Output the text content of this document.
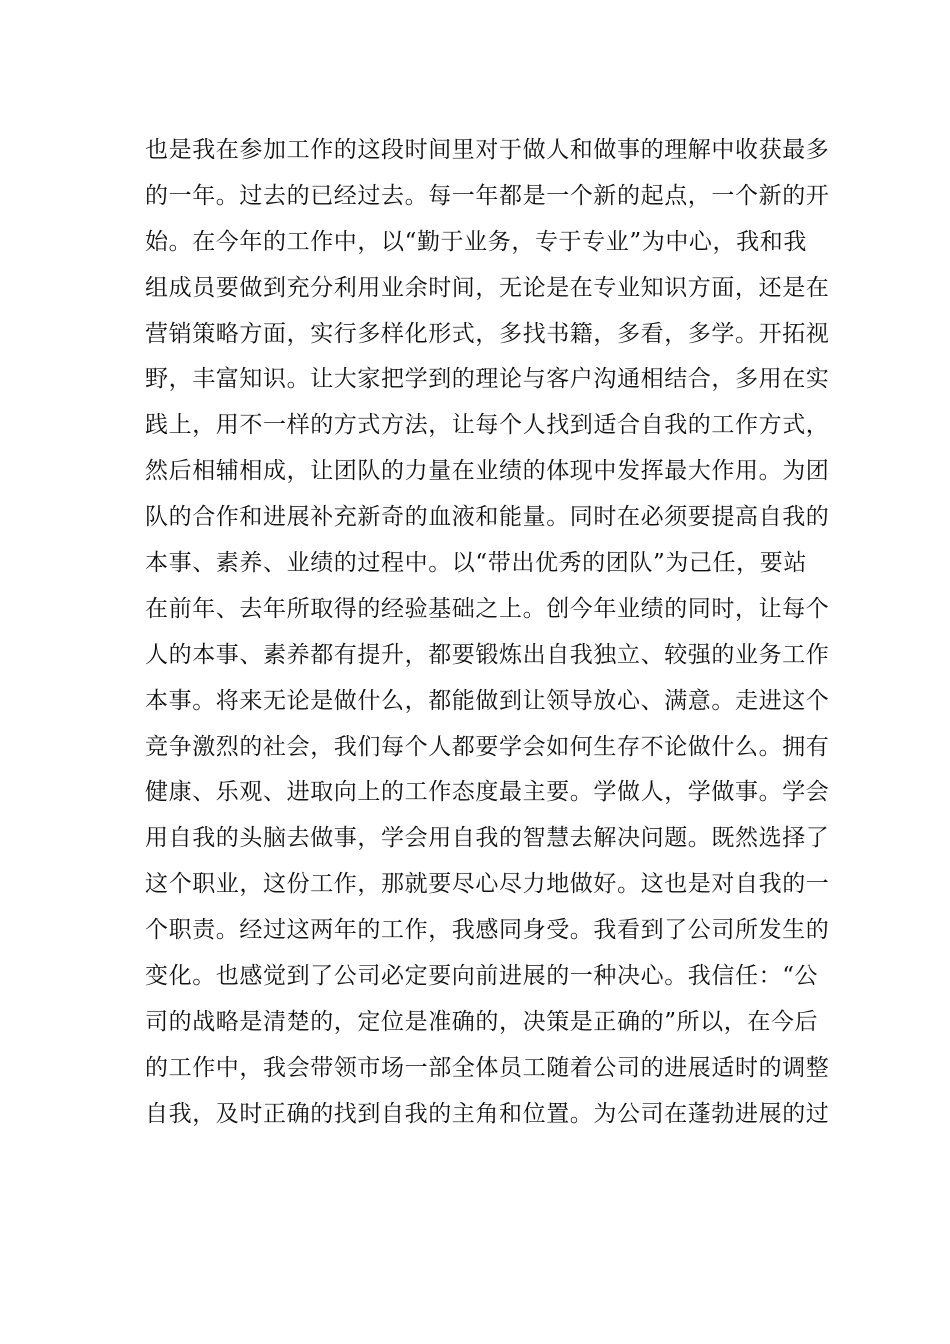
也是我在参加工作的这段时间里对于做人和做事的理解中收获最多
的一年。过去的已经过去。每一年都是一个新的起点，一个新的开
始。在今年的工作中，以“勤于业务，专于专业”为中心，我和我
组成员要做到充分利用业余时间，无论是在专业知识方面，还是在
营销策略方面，实行多样化形式，多找书籍，多看，多学。开拓视
野，丰富知识。让大家把学到的理论与客户沟通相结合，多用在实
践上，用不一样的方式方法，让每个人找到适合自我的工作方式，
然后相辅相成，让团队的力量在业绩的体现中发挥最大作用。为团
队的合作和进展补充新奇的血液和能量。同时在必须要提高自我的
本事、素养、业绩的过程中。以“带出优秀的团队”为己任，要站
在前年、去年所取得的经验基础之上。创今年业绩的同时，让每个
人的本事、素养都有提升，都要锻炼出自我独立、较强的业务工作
本事。将来无论是做什么，都能做到让领导放心、满意。走进这个
竞争激烈的社会，我们每个人都要学会如何生存不论做什么。拥有
健康、乐观、进取向上的工作态度最主要。学做人，学做事。学会
用自我的头脑去做事，学会用自我的智慧去解决问题。既然选择了
这个职业，这份工作，那就要尽心尽力地做好。这也是对自我的一
个职责。经过这两年的工作，我感同身受。我看到了公司所发生的
变化。也感觉到了公司必定要向前进展的一种决心。我信任：“公
司的战略是清楚的，定位是准确的，决策是正确的”所以，在今后
的工作中，我会带领市场一部全体员工随着公司的进展适时的调整
自我，及时正确的找到自我的主角和位置。为公司在蓬勃进展的过
